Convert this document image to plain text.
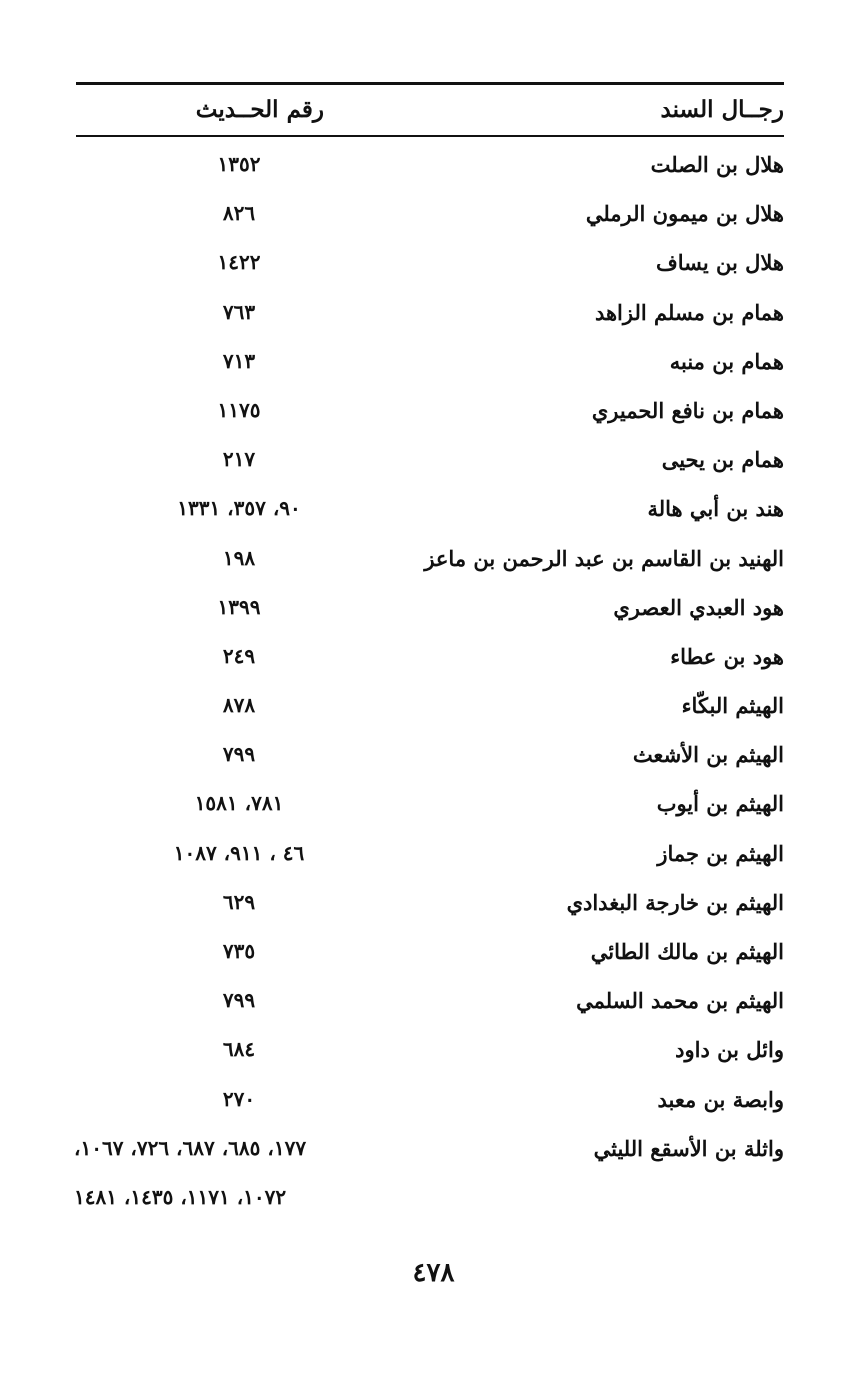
رجــال السند
رقم الحــديث
هلال بن الصلت
١٣٥٢
هلال بن ميمون الرملي
٨٢٦
هلال بن يساف
١٤٢٢
همام بن مسلم الزاهد
٧٦٣
همام بن منبه
٧١٣
همام بن نافع الحميري
١١٧٥
همام بن يحيى
٢١٧
هند بن أبي هالة
٩٠، ٣٥٧، ١٣٣١
الهنيد بن القاسم بن عبد الرحمن بن ماعز
١٩٨
هود العبدي العصري
١٣٩٩
هود بن عطاء
٢٤٩
الهيثم البكّاء
٨٧٨
الهيثم بن الأشعث
٧٩٩
الهيثم بن أيوب
٧٨١، ١٥٨١
الهيثم بن جماز
٤٦ ، ٩١١، ١٠٨٧
الهيثم بن خارجة البغدادي
٦٢٩
الهيثم بن مالك الطائي
٧٣٥
الهيثم بن محمد السلمي
٧٩٩
وائل بن داود
٦٨٤
وابصة بن معبد
٢٧٠
واثلة بن الأسقع الليثي
١٧٧، ٦٨٥، ٦٨٧، ٧٢٦، ١٠٦٧،
١٠٧٢، ١١٧١، ١٤٣٥، ١٤٨١
٤٧٨
